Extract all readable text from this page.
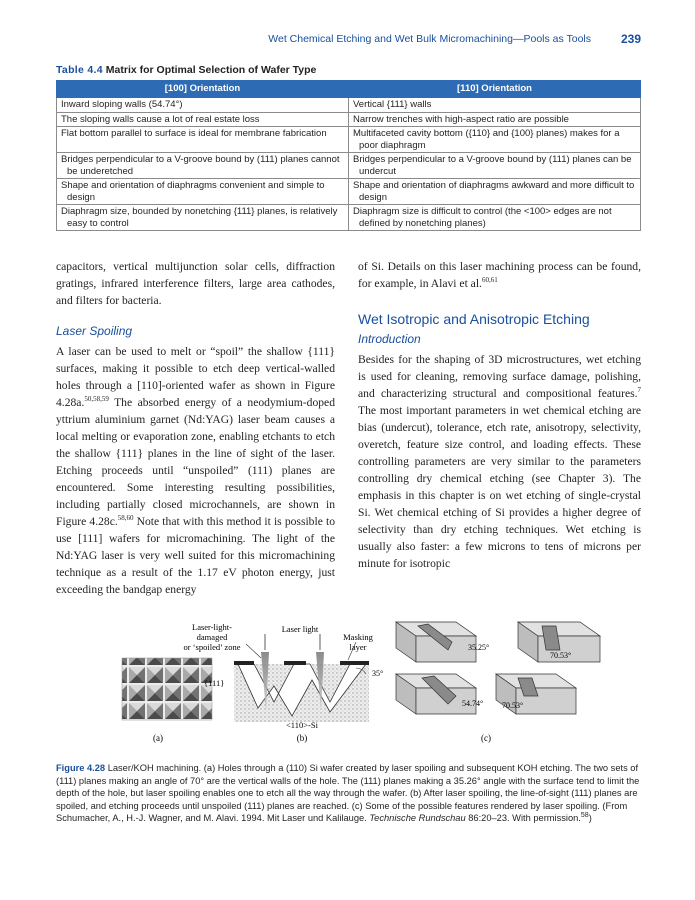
Wet Chemical Etching and Wet Bulk Micromachining—Pools as Tools 239
Table 4.4 Matrix for Optimal Selection of Wafer Type
[100] Orientation	[110] Orientation

Inward sloping walls (54.74°)	Vertical {111} walls

The sloping walls cause a lot of real estate loss	Narrow trenches with high-aspect ratio are possible

Flat bottom parallel to surface is ideal for membrane fabrication	Multifaceted cavity bottom ({110} and {100} planes) makes for a poor diaphragm

Bridges perpendicular to a V-groove bound by (111) planes cannot be underetched	Bridges perpendicular to a V-groove bound by (111) planes can be undercut

Shape and orientation of diaphragms convenient and simple to design	Shape and orientation of diaphragms awkward and more difficult to design

Diaphragm size, bounded by nonetching {111} planes, is relatively easy to control	Diaphragm size is difficult to control (the <100> edges are not defined by nonetching planes)

capacitors, vertical multijunction solar cells, diffraction gratings, infrared interference filters, large area cathodes, and filters for bacteria.

Laser Spoiling

A laser can be used to melt or “spoil” the shallow {111} surfaces, making it possible to etch deep vertical-walled holes through a [110]-oriented wafer as shown in Figure 4.28a.$^{50,58,59}$ The absorbed energy of a neodymium-doped yttrium aluminium garnet (Nd:YAG) laser beam causes a local melting or evaporation zone, enabling etchants to etch the shallow {111} planes in the line of sight of the laser. Etching proceeds until “unspoiled” (111) planes are encountered. Some interesting resulting possibilities, including partially closed microchannels, are shown in Figure 4.28c.$^{58,60}$ Note that with this method it is possible to use [111] wafers for micromachining. The light of the Nd:YAG laser is very well suited for this micromachining technique as a result of the 1.17 eV photon energy, just exceeding the bandgap energy

of Si. Details on this laser machining process can be found, for example, in Alavi et al.$^{60,61}$

Wet Isotropic and Anisotropic Etching
Introduction

Besides for the shaping of 3D microstructures, wet etching is used for cleaning, removing surface damage, polishing, and characterizing structural and compositional features.$^7$ The most important parameters in wet chemical etching are bias (undercut), tolerance, etch rate, anisotropy, selectivity, overetch, feature size control, and loading effects. These controlling parameters are very similar to the parameters controlling dry chemical etching (see Chapter 3). The emphasis in this chapter is on wet etching of single-crystal Si. Wet chemical etching of Si provides a higher degree of selectivity than dry etching techniques. Wet etching is usually also faster: a few microns to tens of microns per minute for isotropic

(a)
Laser-light-
damaged
or ‘spoiled’ zone
Laser light
Masking
layer
{111}
35°
<110>-Si
(b)
35.25°
70.53°
54.74° 70.53°
(c)
Figure 4.28 Laser/KOH machining. (a) Holes through a (110) Si wafer created by laser spoiling and subsequent KOH etching. The two sets of (111) planes making an angle of 70° are the vertical walls of the hole. The (111) planes making a 35.26° angle with the surface tend to limit the depth of the hole, but laser spoiling enables one to etch all the way through the wafer. (b) After laser spoiling, the line-of-sight (111) planes are spoiled, and etching proceeds until unspoiled (111) planes are reached. (c) Some of the possible features rendered by laser spoiling. (From Schumacher, A., H.-J. Wagner, and M. Alavi. 1994. Mit Laser und Kalilauge. Technische Rundschau 86:20–23. With permission.$^{58}$)
